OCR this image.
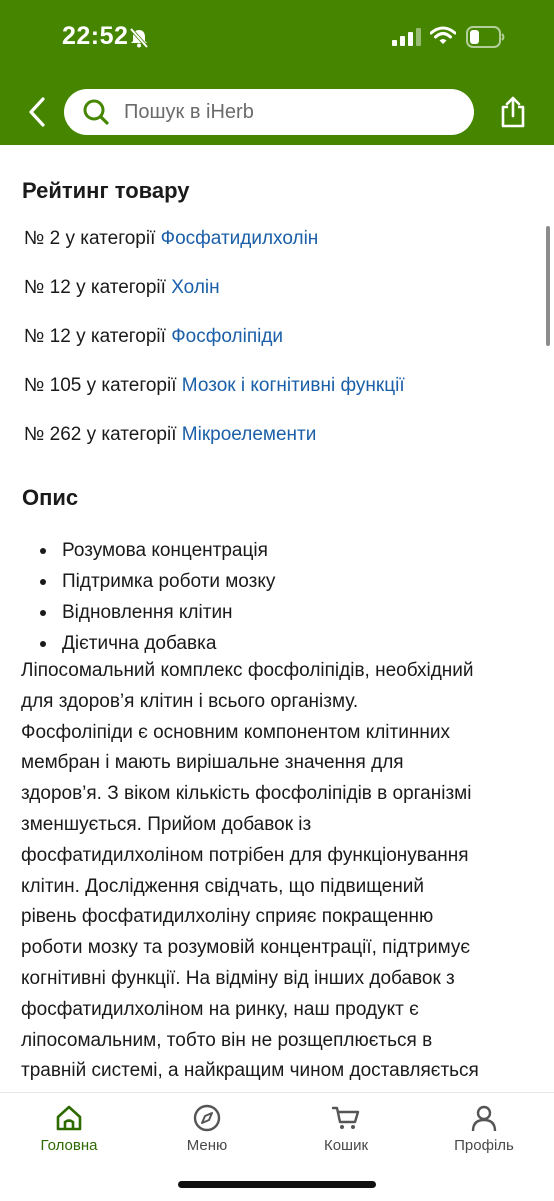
22:52
Пошук в iHerb
Рейтинг товару
№ 2 у категорії Фосфатидилхолін
№ 12 у категорії Холін
№ 12 у категорії Фосфоліпіди
№ 105 у категорії Мозок і когнітивні функції
№ 262 у категорії Мікроелементи
Опис
Розумова концентрація
Підтримка роботи мозку
Відновлення клітин
Дієтична добавка
Ліпосомальний комплекс фосфоліпідів, необхідний
для здоров’я клітин і всього організму.
Фосфоліпіди є основним компонентом клітинних
мембран і мають вирішальне значення для
здоров’я. З віком кількість фосфоліпідів в організмі
зменшується. Прийом добавок із
фосфатидилхоліном потрібен для функціонування
клітин. Дослідження свідчать, що підвищений
рівень фосфатидилхоліну сприяє покращенню
роботи мозку та розумовій концентрації, підтримує
когнітивні функції. На відміну від інших добавок з
фосфатидилхоліном на ринку, наш продукт є
ліпосомальним, тобто він не розщеплюється в
травній системі, а найкращим чином доставляється
Головна	Меню	Кошик	Профіль
